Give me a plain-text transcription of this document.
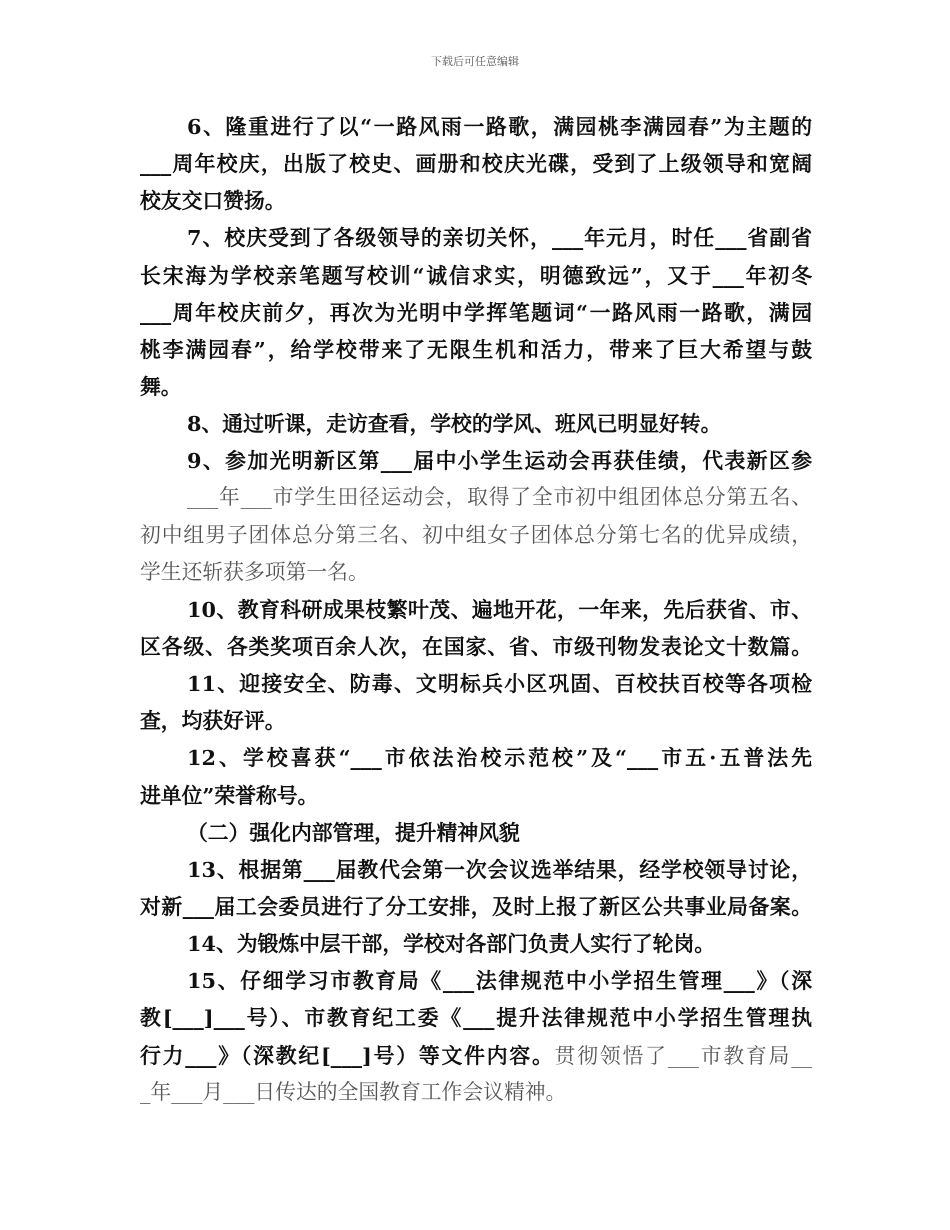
下载后可任意编辑
6、隆重进行了以“一路风雨一路歌，满园桃李满园春”为主题的
___周年校庆，出版了校史、画册和校庆光碟，受到了上级领导和宽阔
校友交口赞扬。
7、校庆受到了各级领导的亲切关怀，___年元月，时任___省副省
长宋海为学校亲笔题写校训“诚信求实，明德致远”，又于___年初冬
___周年校庆前夕，再次为光明中学挥笔题词“一路风雨一路歌，满园
桃李满园春”，给学校带来了无限生机和活力，带来了巨大希望与鼓
舞。
8、通过听课，走访查看，学校的学风、班风已明显好转。
9、参加光明新区第___届中小学生运动会再获佳绩，代表新区参
___年___市学生田径运动会，取得了全市初中组团体总分第五名、
初中组男子团体总分第三名、初中组女子团体总分第七名的优异成绩，
学生还斩获多项第一名。
10、教育科研成果枝繁叶茂、遍地开花，一年来，先后获省、市、
区各级、各类奖项百余人次，在国家、省、市级刊物发表论文十数篇。
11、迎接安全、防毒、文明标兵小区巩固、百校扶百校等各项检
查，均获好评。
12、学校喜获“___市依法治校示范校”及“___市五·五普法先
进单位”荣誉称号。
（二）强化内部管理，提升精神风貌
13、根据第___届教代会第一次会议选举结果，经学校领导讨论，
对新___届工会委员进行了分工安排，及时上报了新区公共事业局备案。
14、为锻炼中层干部，学校对各部门负责人实行了轮岗。
15、仔细学习市教育局《___法律规范中小学招生管理___》（深
教[___]___号）、市教育纪工委《___提升法律规范中小学招生管理执
行力___》（深教纪[___]号）等文件内容。贯彻领悟了___市教育局__
_年___月___日传达的全国教育工作会议精神。
